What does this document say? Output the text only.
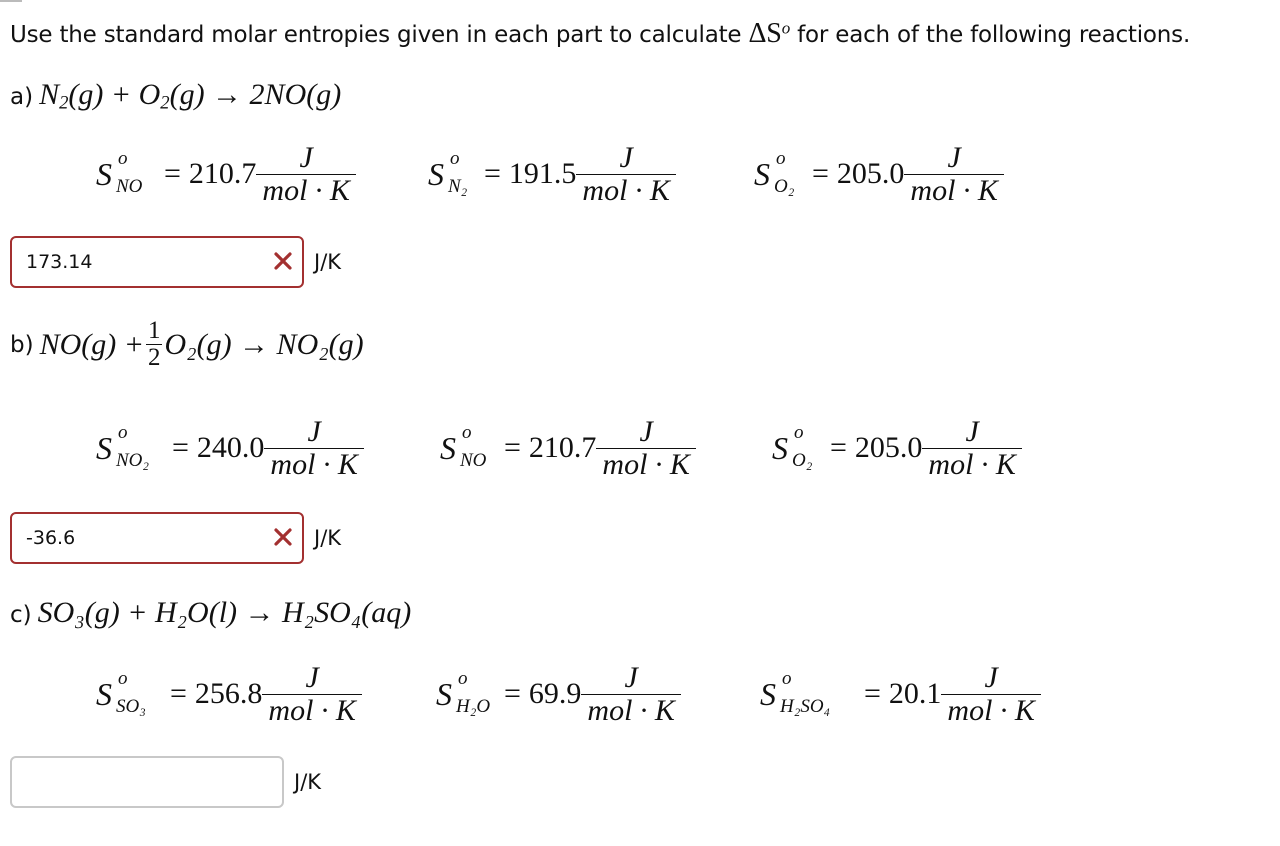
Use the standard molar entropies given in each part to calculate $\Delta S^o$ for each of the following reactions.
a) $N_2(g) + O_2(g) \to 2NO(g)$
S o
NO = $210.7 \frac{J}{\text{mol · K}}$ S o
$N_2 = 191.5 \frac{J}{\text{mol · K}}$ S o
$O_2 = 205.0 \frac{J}{\text{mol · K}}$
173.14	J/K
b) $NO(g) + \frac{1}{2} O_2(g) \to NO_2(g)$
S o
$NO_2 = 240.0 \frac{J}{\text{mol · K}}$ S o
NO = $210.7 \frac{J}{\text{mol · K}}$ S o
$O_2 = 205.0 \frac{J}{\text{mol · K}}$
-36.6	J/K
c) SO₃(g) + H₂O(l) → H₂SO₄(aq)
S o
$SO_3 = 256.8 \frac{J}{\text{mol · K}}$ S o
$H_2O = 69.9 \frac{J}{\text{mol · K}}$ S o
$H_2SO_4 = 20.1 \frac{J}{\text{mol · K}}$
J/K
